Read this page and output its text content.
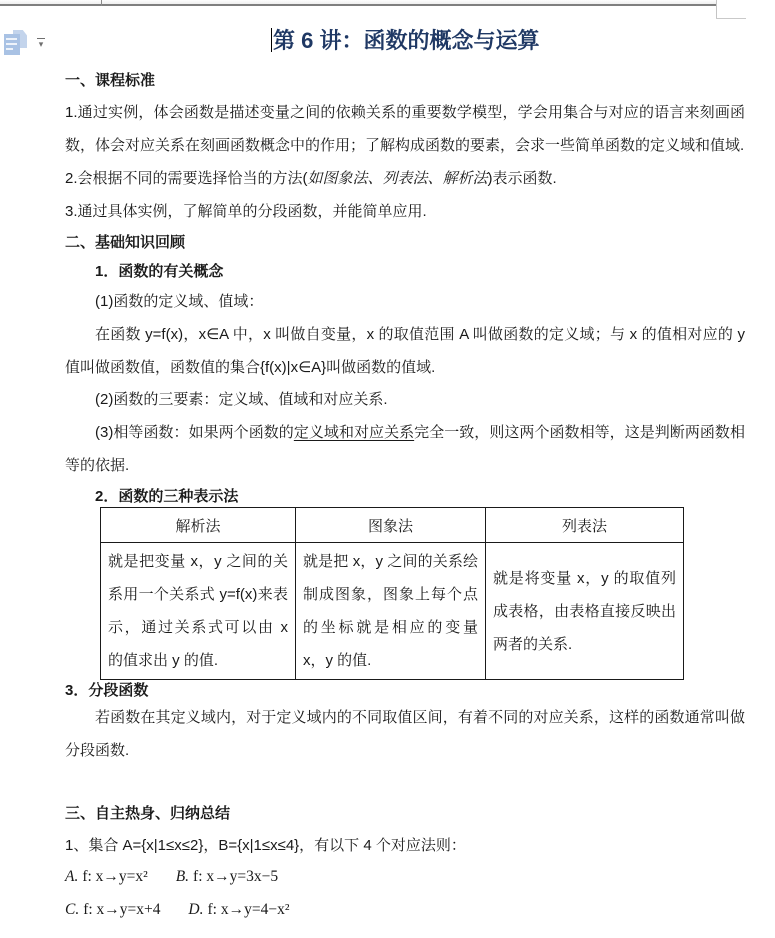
▾	第 6 讲：函数的概念与运算
一、课程标准
1.通过实例，体会函数是描述变量之间的依赖关系的重要数学模型，学会用集合与对应的语言来刻画函数，体会对应关系在刻画函数概念中的作用；了解构成函数的要素，会求一些简单函数的定义域和值域.
2.会根据不同的需要选择恰当的方法(如图象法、列表法、解析法)表示函数.
3.通过具体实例，了解简单的分段函数，并能简单应用.
二、基础知识回顾
1．函数的有关概念
(1)函数的定义域、值域：
在函数 y=f(x)，x∈A 中，x 叫做自变量，x 的取值范围 A 叫做函数的定义域；与 x 的值相对应的 y 值叫做函数值，函数值的集合{f(x)|x∈A}叫做函数的值域.
(2)函数的三要素：定义域、值域和对应关系.
(3)相等函数：如果两个函数的定义域和对应关系完全一致，则这两个函数相等，这是判断两函数相等的依据.
2．函数的三种表示法
解析法	图象法	列表法
就是把变量 x，y 之间的关系用一个关系式 y=f(x)来表示，通过关系式可以由 x 的值求出 y 的值.	就是把 x，y 之间的关系绘制成图象，图象上每个点的坐标就是相应的变量 x，y 的值.	就是将变量 x，y 的取值列成表格，由表格直接反映出两者的关系.
3．分段函数
若函数在其定义域内，对于定义域内的不同取值区间，有着不同的对应关系，这样的函数通常叫做分段函数.
三、自主热身、归纳总结
1、集合 A={x|1≤x≤2}，B={x|1≤x≤4}，有以下 4 个对应法则：
A. f: x→y=x² B. f: x→y=3x−5
C. f: x→y=x+4 D. f: x→y=4−x²
